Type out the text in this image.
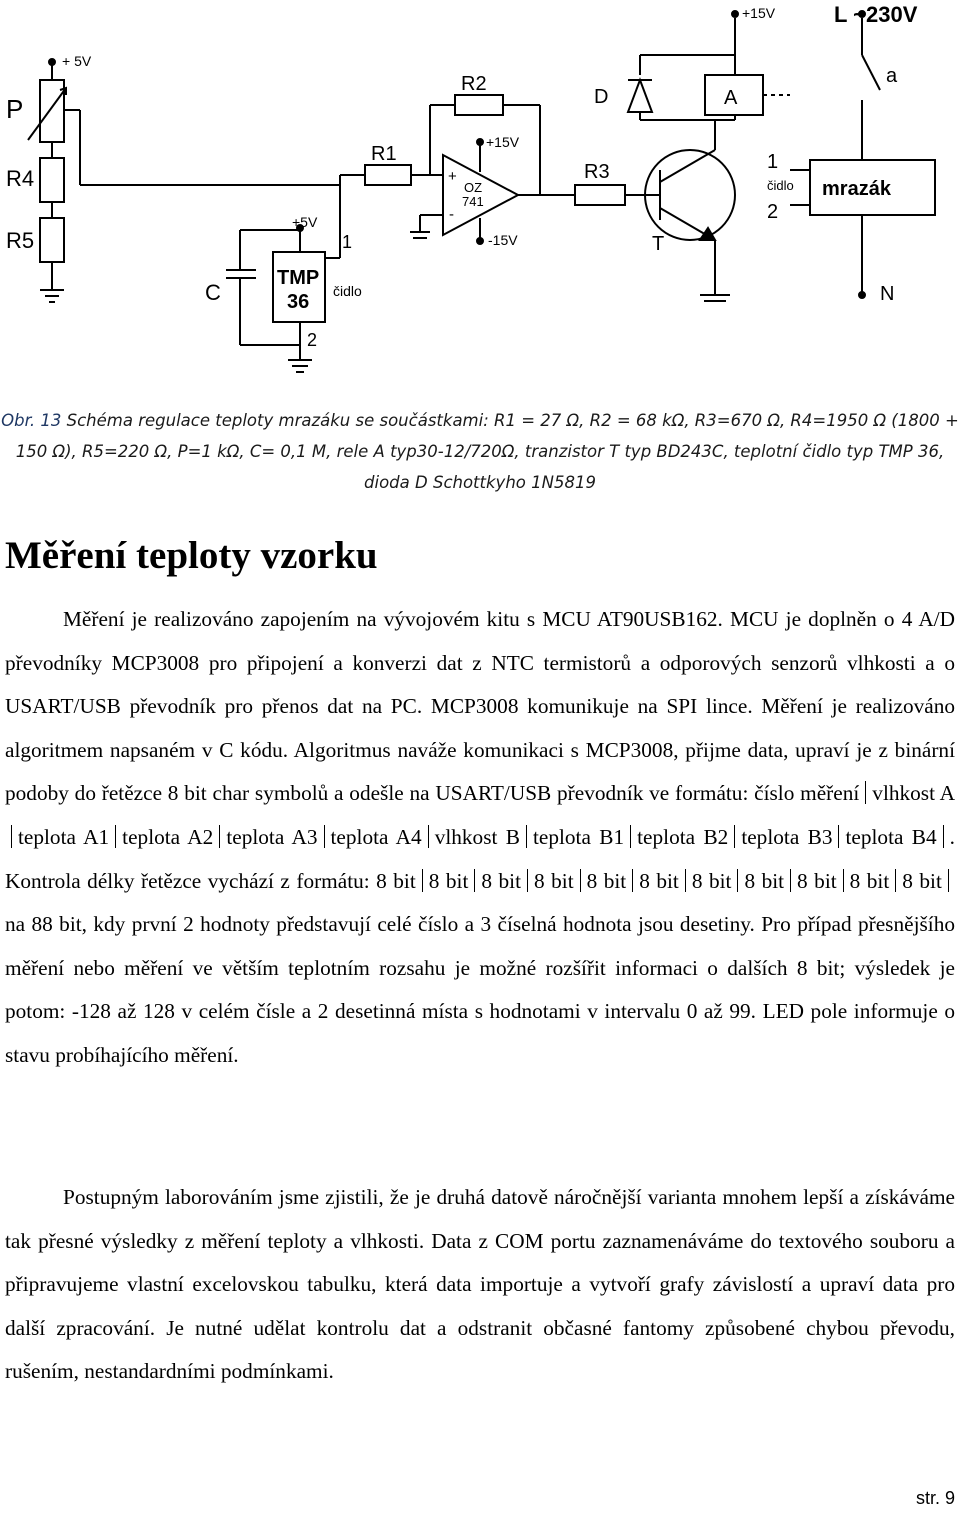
+ 5V
P
R4
R5
C
+5V
TMP
36
1
čidlo
2
R1
R2
+15V
-15V
+
-
OZ
741
R3
D	A
T
+15V	L ~230V
a
1
čidlo
2
mrazák
N
Obr. 13 Schéma regulace teploty mrazáku se součástkami: R1 = 27 Ω, R2 = 68 kΩ, R3=670 Ω, R4=1950 Ω (1800 +
150 Ω), R5=220 Ω, P=1 kΩ, C= 0,1 M, rele A typ30-12/720Ω, tranzistor T typ BD243C, teplotní čidlo typ TMP 36,
dioda D Schottkyho 1N5819
Měření teploty vzorku

Měření je realizováno zapojením na vývojovém kitu s MCU AT90USB162. MCU je doplněn o 4 A/D převodníky MCP3008 pro připojení a konverzi dat z NTC termistorů a odporových senzorů vlhkosti a o USART/USB převodník pro přenos dat na PC. MCP3008 komunikuje na SPI lince. Měření je realizováno algoritmem napsaném v C kódu. Algoritmus naváže komunikaci s MCP3008, přijme data, upraví je z binární podoby do řetězce 8 bit char symbolů a odešle na USART/USB převodník ve formátu: číslo měření vlhkost Ateplota A1 teplota A2 teplota A3 teplota A4 vlhkost B teplota B1 teplota B2 teplota B3 teplota B4 . Kontrola délky řetězce vychází z formátu: 8 bit 8 bit 8 bit 8 bit 8 bit 8 bit 8 bit 8 bit 8 bit 8 bit 8 bitna 88 bit, kdy první 2 hodnoty představují celé číslo a 3 číselná hodnota jsou desetiny. Pro případ přesnějšího měření nebo měření ve větším teplotním rozsahu je možné rozšířit informaci o dalších 8 bit; výsledek je potom: -128 až 128 v celém čísle a 2 desetinná místa s hodnotami v intervalu 0 až 99. LED pole informuje o stavu probíhajícího měření.

Postupným laborováním jsme zjistili, že je druhá datově náročnější varianta mnohem lepší a získáváme tak přesné výsledky z měření teploty a vlhkosti. Data z COM portu zaznamenáváme do textového souboru a připravujeme vlastní excelovskou tabulku, která data importuje a vytvoří grafy závislostí a upraví data pro další zpracování. Je nutné udělat kontrolu dat a odstranit občasné fantomy způsobené chybou převodu, rušením, nestandardními podmínkami.

str. 9
